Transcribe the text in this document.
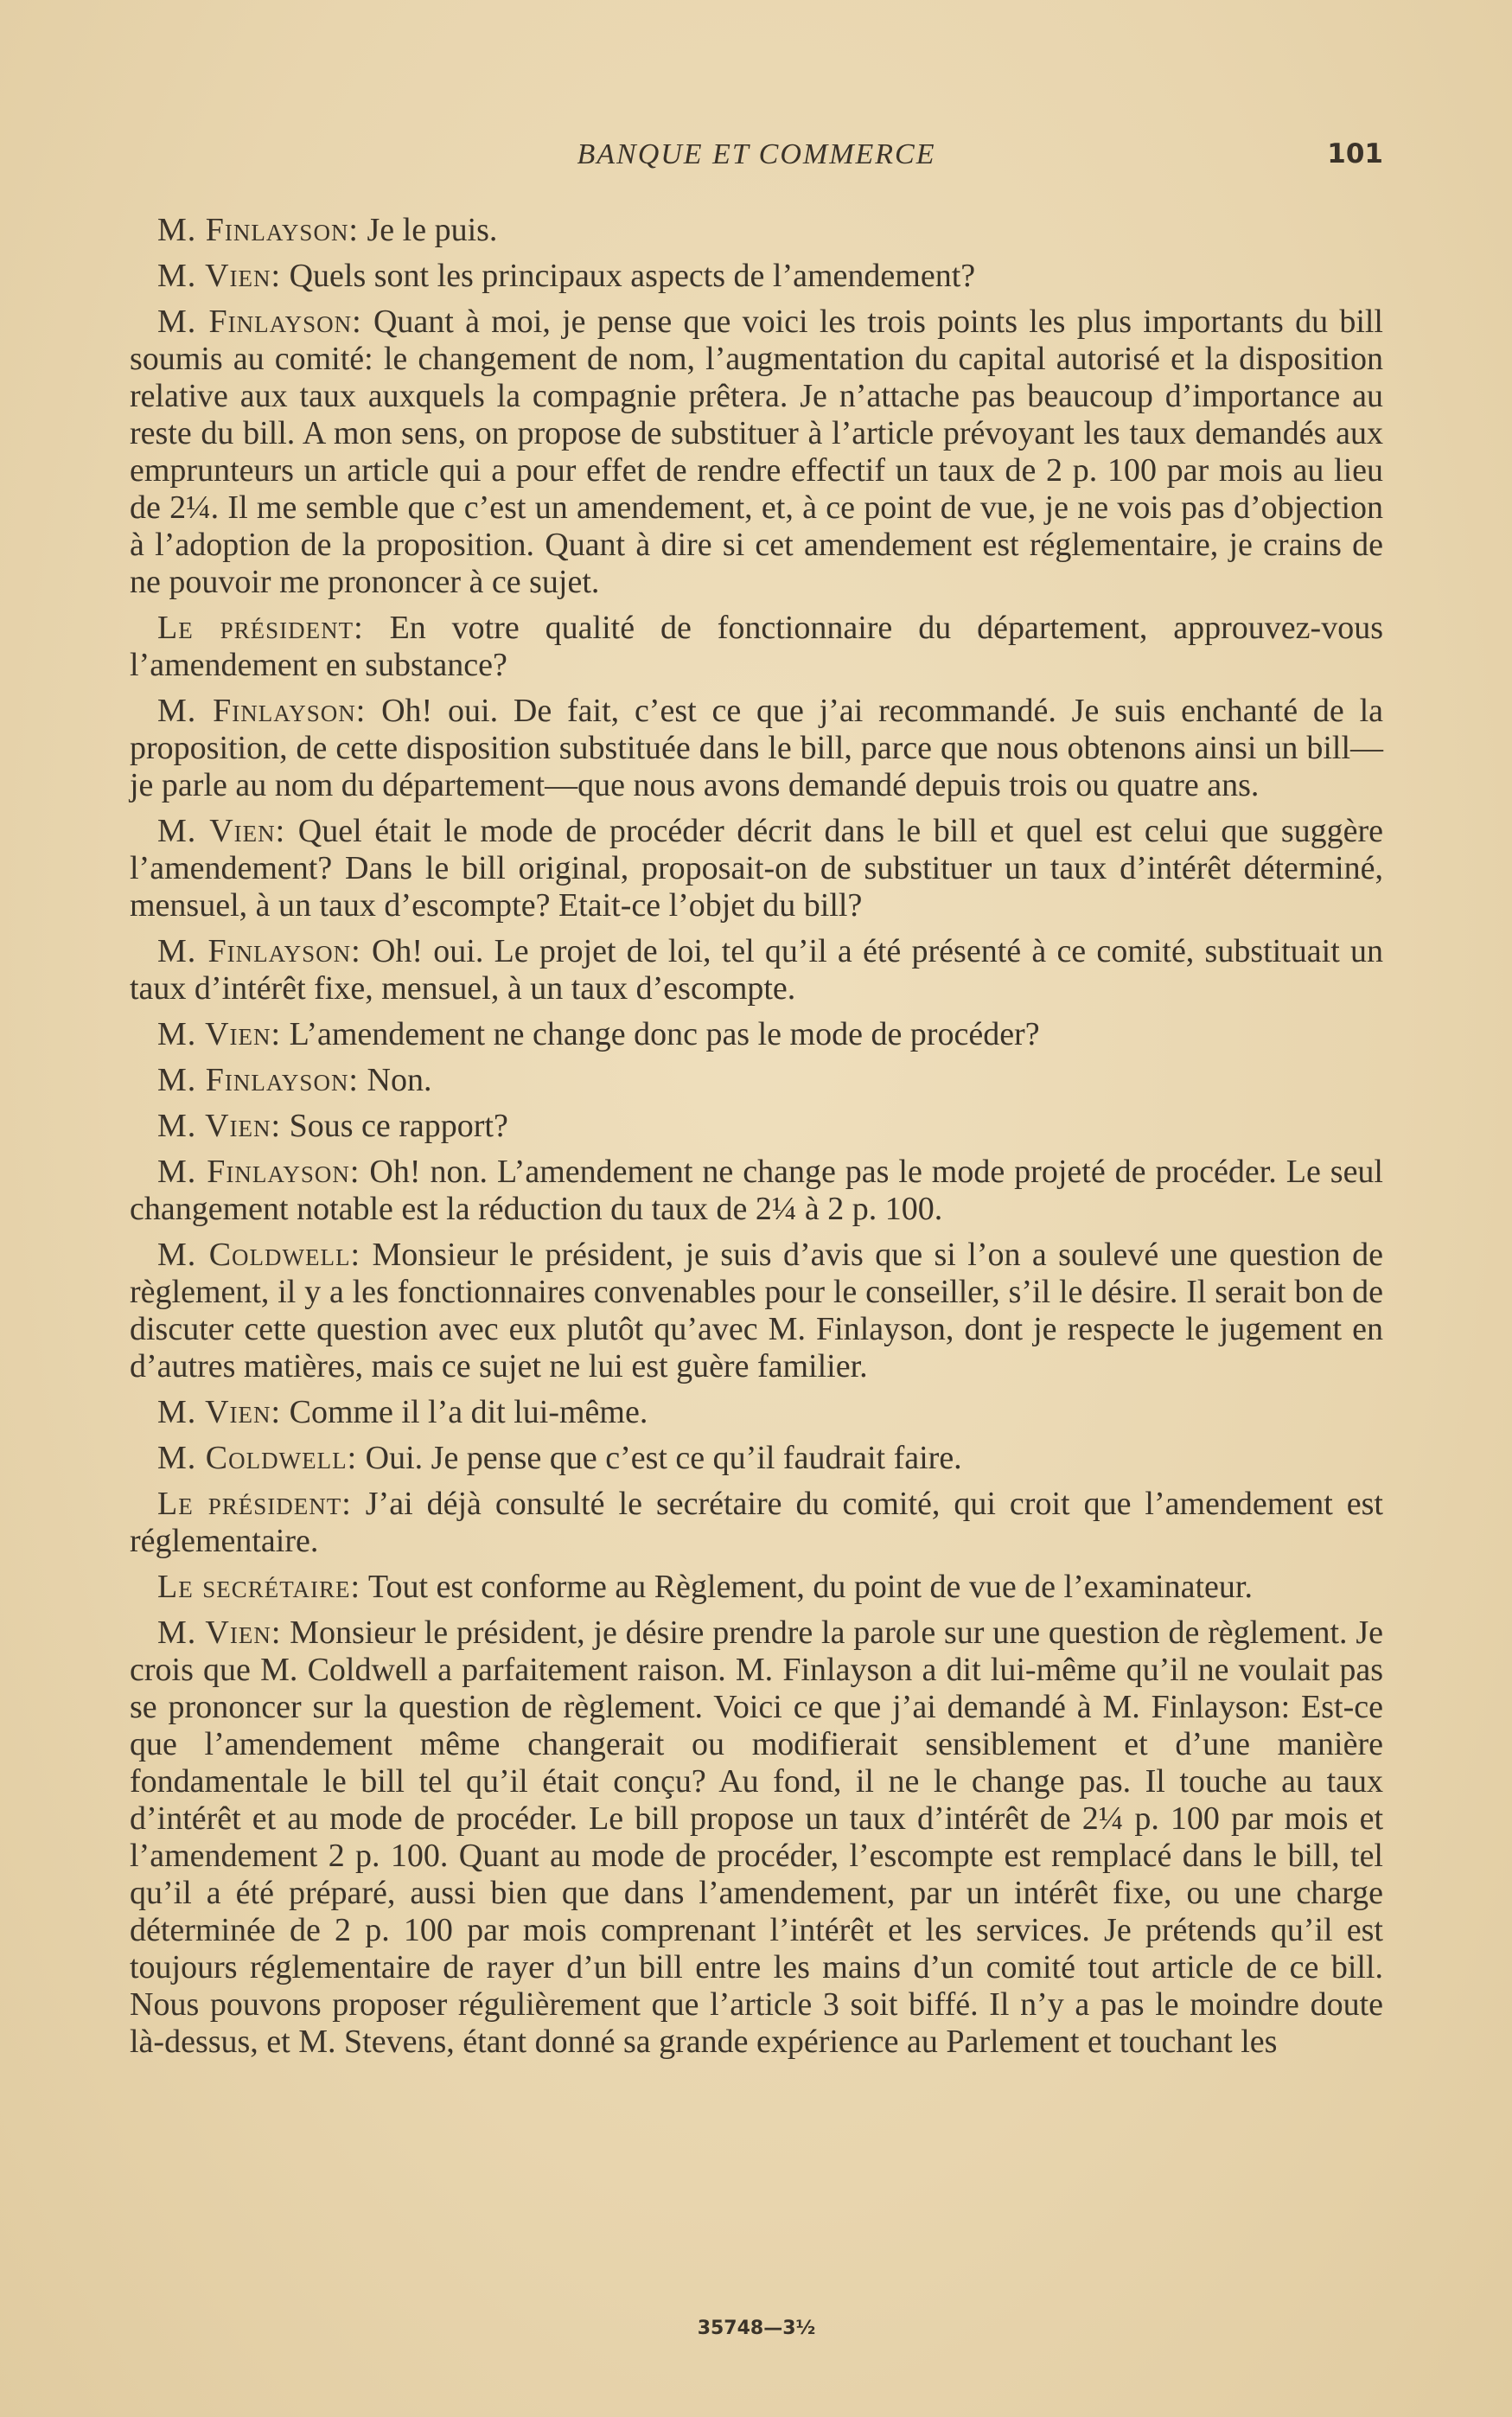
BANQUE ET COMMERCE	101

M. Finlayson: Je le puis.

M. Vien: Quels sont les principaux aspects de l’amendement?

M. Finlayson: Quant à moi, je pense que voici les trois points les plus importants du bill soumis au comité: le changement de nom, l’augmentation du capital autorisé et la disposition relative aux taux auxquels la compagnie prêtera. Je n’attache pas beaucoup d’importance au reste du bill. A mon sens, on propose de substituer à l’article prévoyant les taux demandés aux emprunteurs un article qui a pour effet de rendre effectif un taux de 2 p. 100 par mois au lieu de 2¼. Il me semble que c’est un amendement, et, à ce point de vue, je ne vois pas d’objection à l’adoption de la proposition. Quant à dire si cet amendement est réglementaire, je crains de ne pouvoir me prononcer à ce sujet.

Le président: En votre qualité de fonctionnaire du département, approuvez-vous l’amendement en substance?

M. Finlayson: Oh! oui. De fait, c’est ce que j’ai recommandé. Je suis enchanté de la proposition, de cette disposition substituée dans le bill, parce que nous obtenons ainsi un bill—je parle au nom du département—que nous avons demandé depuis trois ou quatre ans.

M. Vien: Quel était le mode de procéder décrit dans le bill et quel est celui que suggère l’amendement? Dans le bill original, proposait-on de substituer un taux d’intérêt déterminé, mensuel, à un taux d’escompte? Etait-ce l’objet du bill?

M. Finlayson: Oh! oui. Le projet de loi, tel qu’il a été présenté à ce comité, substituait un taux d’intérêt fixe, mensuel, à un taux d’escompte.

M. Vien: L’amendement ne change donc pas le mode de procéder?

M. Finlayson: Non.

M. Vien: Sous ce rapport?

M. Finlayson: Oh! non. L’amendement ne change pas le mode projeté de procéder. Le seul changement notable est la réduction du taux de 2¼ à 2 p. 100.

M. Coldwell: Monsieur le président, je suis d’avis que si l’on a soulevé une question de règlement, il y a les fonctionnaires convenables pour le conseiller, s’il le désire. Il serait bon de discuter cette question avec eux plutôt qu’avec M. Finlayson, dont je respecte le jugement en d’autres matières, mais ce sujet ne lui est guère familier.

M. Vien: Comme il l’a dit lui-même.

M. Coldwell: Oui. Je pense que c’est ce qu’il faudrait faire.

Le président: J’ai déjà consulté le secrétaire du comité, qui croit que l’amendement est réglementaire.

Le secrétaire: Tout est conforme au Règlement, du point de vue de l’examinateur.

M. Vien: Monsieur le président, je désire prendre la parole sur une question de règlement. Je crois que M. Coldwell a parfaitement raison. M. Finlayson a dit lui-même qu’il ne voulait pas se prononcer sur la question de règlement. Voici ce que j’ai demandé à M. Finlayson: Est-ce que l’amendement même changerait ou modifierait sensiblement et d’une manière fondamentale le bill tel qu’il était conçu? Au fond, il ne le change pas. Il touche au taux d’intérêt et au mode de procéder. Le bill propose un taux d’intérêt de 2¼ p. 100 par mois et l’amendement 2 p. 100. Quant au mode de procéder, l’escompte est remplacé dans le bill, tel qu’il a été préparé, aussi bien que dans l’amendement, par un intérêt fixe, ou une charge déterminée de 2 p. 100 par mois comprenant l’intérêt et les services. Je prétends qu’il est toujours réglementaire de rayer d’un bill entre les mains d’un comité tout article de ce bill. Nous pouvons proposer régulièrement que l’article 3 soit biffé. Il n’y a pas le moindre doute là-dessus, et M. Stevens, étant donné sa grande expérience au Parlement et touchant les

35748—3½
